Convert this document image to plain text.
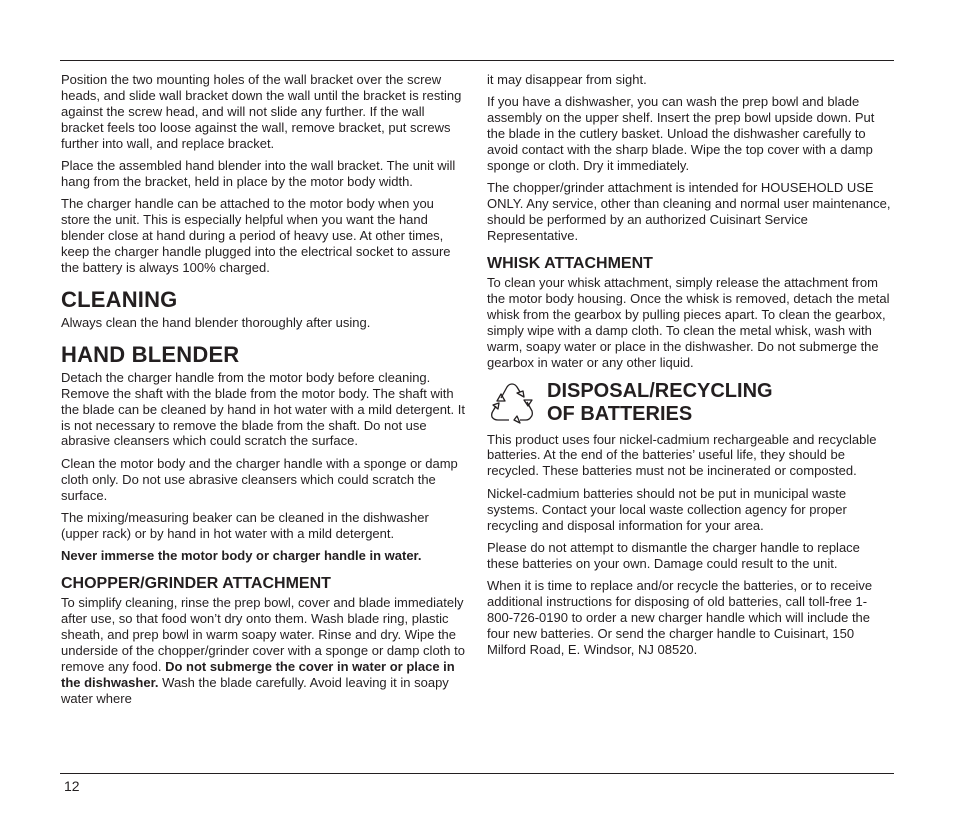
Position the two mounting holes of the wall bracket over the screw heads, and slide wall bracket down the wall until the bracket is resting against the screw head, and will not slide any further. If the wall bracket feels too loose against the wall, remove bracket, put screws further into wall, and replace bracket.

Place the assembled hand blender into the wall bracket. The unit will hang from the bracket, held in place by the motor body width.

The charger handle can be attached to the motor body when you store the unit. This is especially helpful when you want the hand blender close at hand during a period of heavy use. At other times, keep the charger handle plugged into the electrical socket to assure the battery is always 100% charged.

CLEANING

Always clean the hand blender thoroughly after using.

HAND BLENDER

Detach the charger handle from the motor body before cleaning. Remove the shaft with the blade from the motor body. The shaft with the blade can be cleaned by hand in hot water with a mild detergent. It is not necessary to remove the blade from the shaft. Do not use abrasive cleansers which could scratch the surface.

Clean the motor body and the charger handle with a sponge or damp cloth only. Do not use abrasive cleansers which could scratch the surface.

The mixing/measuring beaker can be cleaned in the dishwasher (upper rack) or by hand in hot water with a mild detergent.

Never immerse the motor body or charger handle in water.

CHOPPER/GRINDER ATTACHMENT

To simplify cleaning, rinse the prep bowl, cover and blade immediately after use, so that food won’t dry onto them. Wash blade ring, plastic sheath, and prep bowl in warm soapy water. Rinse and dry. Wipe the underside of the chopper/grinder cover with a sponge or damp cloth to remove any food. Do not submerge the cover in water or place in the dishwasher. Wash the blade carefully. Avoid leaving it in soapy water where

it may disappear from sight.

If you have a dishwasher, you can wash the prep bowl and blade assembly on the upper shelf. Insert the prep bowl upside down. Put the blade in the cutlery basket. Unload the dishwasher carefully to avoid contact with the sharp blade. Wipe the top cover with a damp sponge or cloth. Dry it immediately.

The chopper/grinder attachment is intended for HOUSEHOLD USE ONLY. Any service, other than cleaning and normal user maintenance, should be performed by an authorized Cuisinart Service Representative.

WHISK ATTACHMENT

To clean your whisk attachment, simply release the attachment from the motor body housing. Once the whisk is removed, detach the metal whisk from the gearbox by pulling pieces apart. To clean the gearbox, simply wipe with a damp cloth. To clean the metal whisk, wash with warm, soapy water or place in the dishwasher. Do not submerge the gearbox in water or any other liquid.

DISPOSAL/RECYCLING
OF BATTERIES

This product uses four nickel-cadmium rechargeable and recyclable batteries. At the end of the batteries’ useful life, they should be recycled. These batteries must not be incinerated or composted.

Nickel-cadmium batteries should not be put in municipal waste systems. Contact your local waste collection agency for proper recycling and disposal information for your area.

Please do not attempt to dismantle the charger handle to replace these batteries on your own. Damage could result to the unit.

When it is time to replace and/or recycle the batteries, or to receive additional instructions for disposing of old batteries, call toll-free 1-800-726-0190 to order a new charger handle which will include the four new batteries. Or send the charger handle to Cuisinart, 150 Milford Road, E. Windsor, NJ 08520.

12
